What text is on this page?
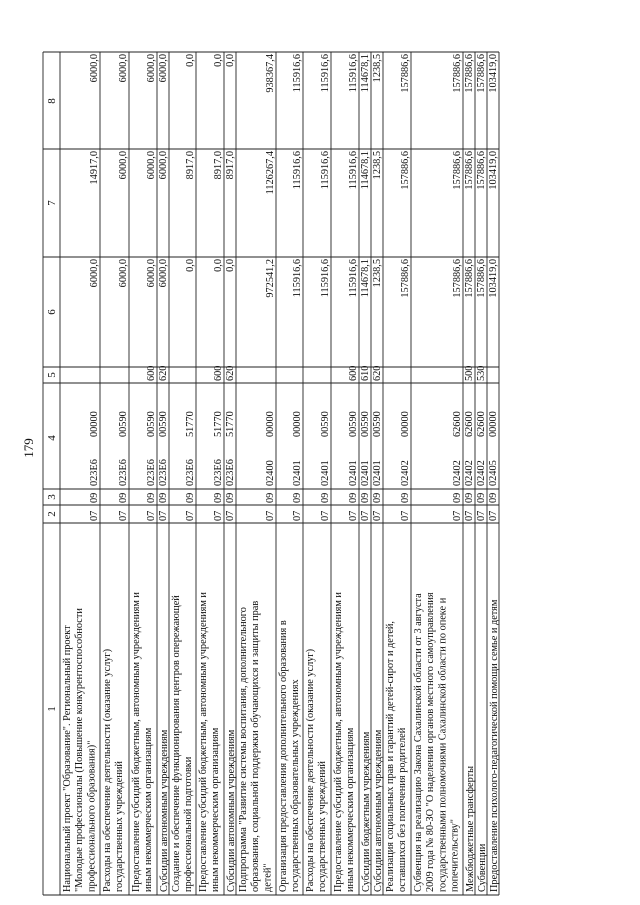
179
1
2
3
4
5
6
7
8
Национальный проект "Образование". Региональный проект"Молодые профессионалы (Повышение конкурентоспособностипрофессионального образования)"
07
09
023E6
00000
6000,0
14917,0
6000,0
Расходы на обеспечение деятельности (оказание услуг)государственных учреждений
07
09
023E6
00590
6000,0
6000,0
6000,0
Предоставление субсидий бюджетным, автономным учреждениям ииным некоммерческим организациям
07
09
023E6
00590
600
6000,0
6000,0
6000,0
Субсидии автономным учреждениям
07
09
023E6
00590
620
6000,0
6000,0
6000,0
Создание и обеспечение функционирования центров опережающейпрофессиональной подготовки
07
09
023E6
51770
0,0
8917,0
0,0
Предоставление субсидий бюджетным, автономным учреждениям ииным некоммерческим организациям
07
09
023E6
51770
600
0,0
8917,0
0,0
Субсидии автономным учреждениям
07
09
023E6
51770
620
0,0
8917,0
0,0
Подпрограмма "Развитие системы воспитания, дополнительногообразования, социальной поддержки обучающихся и защиты правдетей"
07
09
02400
00000
972541,2
1126267,4
938367,4
Организация предоставления дополнительного образования вгосударственных образовательных учреждениях
07
09
02401
00000
115916,6
115916,6
115916,6
Расходы на обеспечение деятельности (оказание услуг)государственных учреждений
07
09
02401
00590
115916,6
115916,6
115916,6
Предоставление субсидий бюджетным, автономным учреждениям ииным некоммерческим организациям
07
09
02401
00590
600
115916,6
115916,6
115916,6
Субсидии бюджетным учреждениям
07
09
02401
00590
610
114678,1
114678,1
114678,1
Субсидии автономным учреждениям
07
09
02401
00590
620
1238,5
1238,5
1238,5
Реализация социальных прав и гарантий детей-сирот и детей,оставшихся без попечения родителей
07
09
02402
00000
157886,6
157886,6
157886,6
Субвенция на реализацию Закона Сахалинской области от 3 августа2009 года № 80-ЗО "О наделении органов местного самоуправлениягосударственными полномочиями Сахалинской области по опеке ипопечительству"
07
09
02402
62600
157886,6
157886,6
157886,6
Межбюджетные трансферты
07
09
02402
62600
500
157886,6
157886,6
157886,6
Субвенции
07
09
02402
62600
530
157886,6
157886,6
157886,6
Предоставление психолого-педагогической помощи семье и детям
07
09
02405
00000
103419,0
103419,0
103419,0
